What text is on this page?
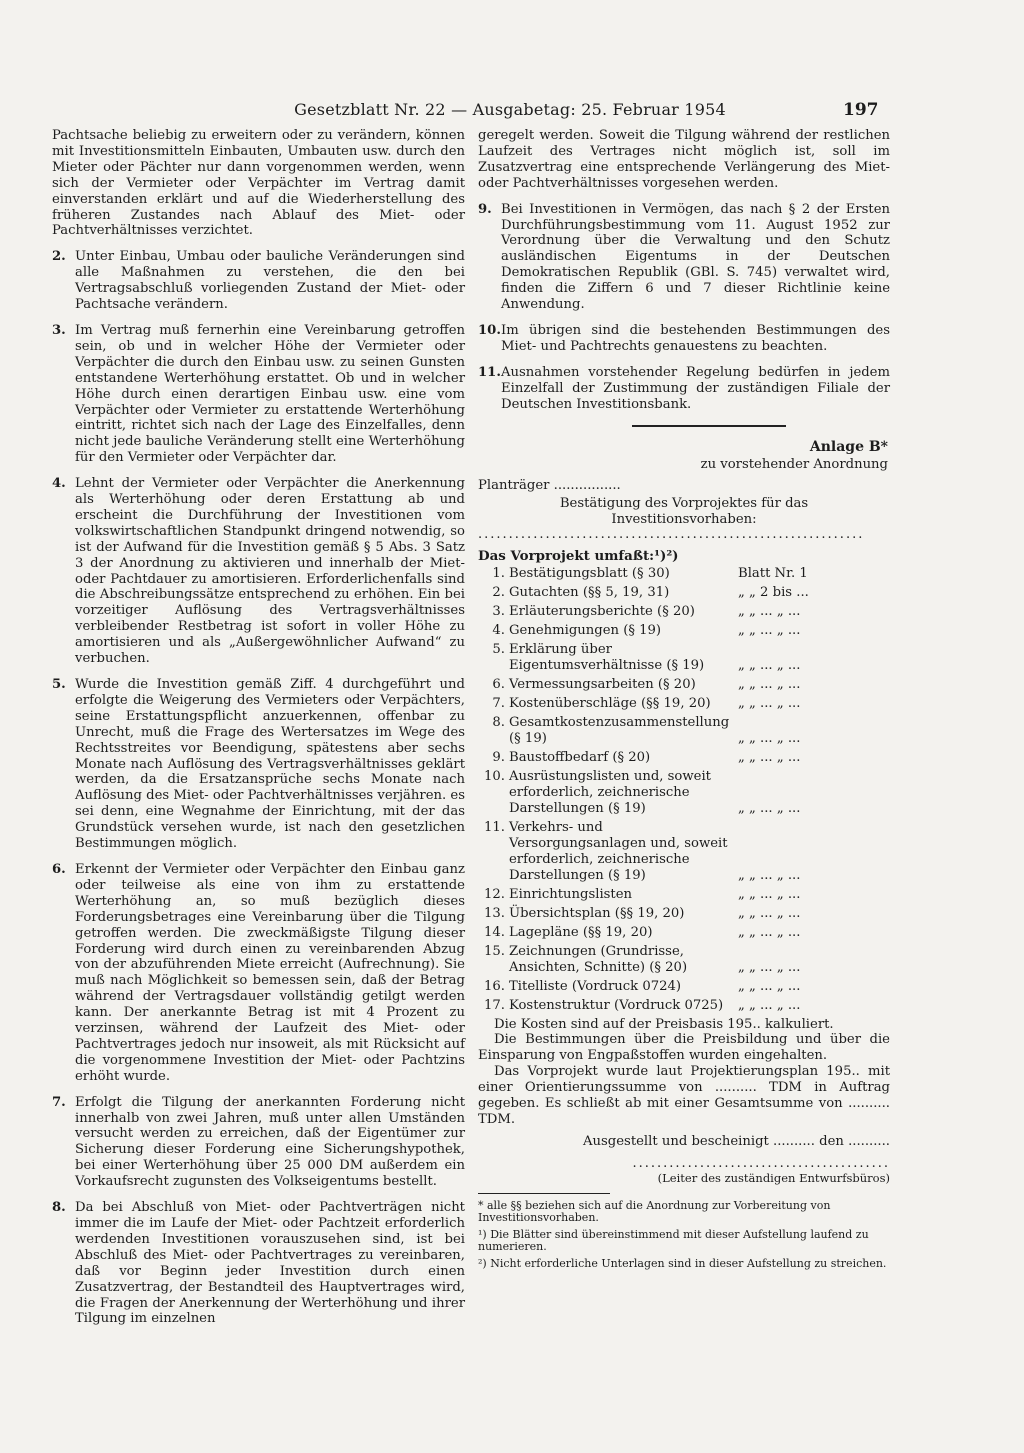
Gesetzblatt Nr. 22 — Ausgabetag: 25. Februar 1954	197

Pachtsache beliebig zu erweitern oder zu verändern, können mit Investitionsmitteln Einbauten, Umbauten usw. durch den Mieter oder Pächter nur dann vorgenommen werden, wenn sich der Vermieter oder Verpächter im Vertrag damit einverstanden erklärt und auf die Wiederherstellung des früheren Zustandes nach Ablauf des Miet- oder Pachtverhältnisses verzichtet.

2. Unter Einbau, Umbau oder bauliche Veränderungen sind alle Maßnahmen zu verstehen, die den bei Vertragsabschluß vorliegenden Zustand der Miet- oder Pachtsache verändern.
3. Im Vertrag muß fernerhin eine Vereinbarung getroffen sein, ob und in welcher Höhe der Vermieter oder Verpächter die durch den Einbau usw. zu seinen Gunsten entstandene Werterhöhung erstattet. Ob und in welcher Höhe durch einen derartigen Einbau usw. eine vom Verpächter oder Vermieter zu erstattende Werterhöhung eintritt, richtet sich nach der Lage des Einzelfalles, denn nicht jede bauliche Veränderung stellt eine Werterhöhung für den Vermieter oder Verpächter dar.
4. Lehnt der Vermieter oder Verpächter die Anerkennung als Werterhöhung oder deren Erstattung ab und erscheint die Durchführung der Investitionen vom volkswirtschaftlichen Standpunkt dringend notwendig, so ist der Aufwand für die Investition gemäß § 5 Abs. 3 Satz 3 der Anordnung zu aktivieren und innerhalb der Miet- oder Pachtdauer zu amortisieren. Erforderlichenfalls sind die Abschreibungssätze entsprechend zu erhöhen. Ein bei vorzeitiger Auflösung des Vertragsverhältnisses verbleibender Restbetrag ist sofort in voller Höhe zu amortisieren und als „Außergewöhnlicher Aufwand“ zu verbuchen.
5. Wurde die Investition gemäß Ziff. 4 durchgeführt und erfolgte die Weigerung des Vermieters oder Verpächters, seine Erstattungspflicht anzuerkennen, offenbar zu Unrecht, muß die Frage des Wertersatzes im Wege des Rechtsstreites vor Beendigung, spätestens aber sechs Monate nach Auflösung des Vertragsverhältnisses geklärt werden, da die Ersatzansprüche sechs Monate nach Auflösung des Miet- oder Pachtverhältnisses verjähren. es sei denn, eine Wegnahme der Einrichtung, mit der das Grundstück versehen wurde, ist nach den gesetzlichen Bestimmungen möglich.
6. Erkennt der Vermieter oder Verpächter den Einbau ganz oder teilweise als eine von ihm zu erstattende Werterhöhung an, so muß bezüglich dieses Forderungsbetrages eine Vereinbarung über die Tilgung getroffen werden. Die zweckmäßigste Tilgung dieser Forderung wird durch einen zu vereinbarenden Abzug von der abzuführenden Miete erreicht (Aufrechnung). Sie muß nach Möglichkeit so bemessen sein, daß der Betrag während der Vertragsdauer vollständig getilgt werden kann. Der anerkannte Betrag ist mit 4 Prozent zu verzinsen, während der Laufzeit des Miet- oder Pachtvertrages jedoch nur insoweit, als mit Rücksicht auf die vorgenommene Investition der Miet- oder Pachtzins erhöht wurde.
7. Erfolgt die Tilgung der anerkannten Forderung nicht innerhalb von zwei Jahren, muß unter allen Umständen versucht werden zu erreichen, daß der Eigentümer zur Sicherung dieser Forderung eine Sicherungshypothek, bei einer Werterhöhung über 25 000 DM außerdem ein Vorkaufsrecht zugunsten des Volkseigentums bestellt.
8. Da bei Abschluß von Miet- oder Pachtverträgen nicht immer die im Laufe der Miet- oder Pachtzeit erforderlich werdenden Investitionen vorauszusehen sind, ist bei Abschluß des Miet- oder Pachtvertrages zu vereinbaren, daß vor Beginn jeder Investition durch einen Zusatzvertrag, der Bestandteil des Hauptvertrages wird, die Fragen der Anerkennung der Werterhöhung und ihrer Tilgung im einzelnen

geregelt werden. Soweit die Tilgung während der restlichen Laufzeit des Vertrages nicht möglich ist, soll im Zusatzvertrag eine entsprechende Verlängerung des Miet- oder Pachtverhältnisses vorgesehen werden.

9. Bei Investitionen in Vermögen, das nach § 2 der Ersten Durchführungsbestimmung vom 11. August 1952 zur Verordnung über die Verwaltung und den Schutz ausländischen Eigentums in der Deutschen Demokratischen Republik (GBl. S. 745) verwaltet wird, finden die Ziffern 6 und 7 dieser Richtlinie keine Anwendung.
10. Im übrigen sind die bestehenden Bestimmungen des Miet- und Pachtrechts genauestens zu beachten.
11. Ausnahmen vorstehender Regelung bedürfen in jedem Einzelfall der Zustimmung der zuständigen Filiale der Deutschen Investitionsbank.
Anlage B*
zu vorstehender Anordnung
Planträger ................
Bestätigung des Vorprojektes für das Investitionsvorhaben:
...............................................................
Das Vorprojekt umfaßt:¹)²)
1. Bestätigungsblatt (§ 30)	Blatt Nr. 1
2. Gutachten (§§ 5, 19, 31)	„ „ 2 bis ...
3. Erläuterungsberichte (§ 20)	„ „ ... „ ...
4. Genehmigungen (§ 19)	„ „ ... „ ...
5. Erklärung über Eigentumsverhältnisse (§ 19)	„ „ ... „ ...
6. Vermessungsarbeiten (§ 20)	„ „ ... „ ...
7. Kostenüberschläge (§§ 19, 20)	„ „ ... „ ...
8. Gesamtkostenzusammenstellung (§ 19)	„ „ ... „ ...
9. Baustoffbedarf (§ 20)	„ „ ... „ ...
10. Ausrüstungslisten und, soweit erforderlich, zeichnerische Darstellungen (§ 19)	„ „ ... „ ...
11. Verkehrs- und Versorgungsanlagen und, soweit erforderlich, zeichnerische Darstellungen (§ 19)	„ „ ... „ ...
12. Einrichtungslisten	„ „ ... „ ...
13. Übersichtsplan (§§ 19, 20)	„ „ ... „ ...
14. Lagepläne (§§ 19, 20)	„ „ ... „ ...
15. Zeichnungen (Grundrisse, Ansichten, Schnitte) (§ 20)	„ „ ... „ ...
16. Titelliste (Vordruck 0724)	„ „ ... „ ...
17. Kostenstruktur (Vordruck 0725)	„ „ ... „ ...

Die Kosten sind auf der Preisbasis 195.. kalkuliert.

Die Bestimmungen über die Preisbildung und über die Einsparung von Engpaßstoffen wurden eingehalten.

Das Vorprojekt wurde laut Projektierungsplan 195.. mit einer Orientierungssumme von .......... TDM in Auftrag gegeben. Es schließt ab mit einer Gesamtsumme von .......... TDM.

Ausgestellt und bescheinigt .......... den ..........
..........................................
(Leiter des zuständigen Entwurfsbüros)
* alle §§ beziehen sich auf die Anordnung zur Vorbereitung von Investitionsvorhaben.
¹) Die Blätter sind übereinstimmend mit dieser Aufstellung laufend zu numerieren.
²) Nicht erforderliche Unterlagen sind in dieser Aufstellung zu streichen.
